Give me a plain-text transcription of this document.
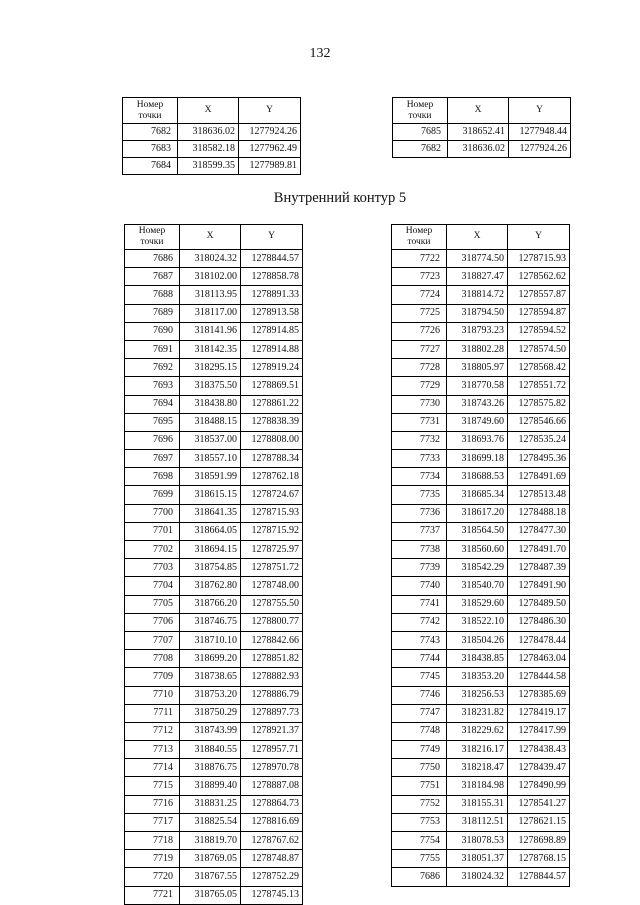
132
Номер
точки	X	Y
7682	318636.02	1277924.26
7683	318582.18	1277962.49
7684	318599.35	1277989.81
Номер
точки	X	Y
7685	318652.41	1277948.44
7682	318636.02	1277924.26
Внутренний контур 5
Номер
точки	X	Y
7686	318024.32	1278844.57
7687	318102.00	1278858.78
7688	318113.95	1278891.33
7689	318117.00	1278913.58
7690	318141.96	1278914.85
7691	318142.35	1278914.88
7692	318295.15	1278919.24
7693	318375.50	1278869.51
7694	318438.80	1278861.22
7695	318488.15	1278838.39
7696	318537.00	1278808.00
7697	318557.10	1278788.34
7698	318591.99	1278762.18
7699	318615.15	1278724.67
7700	318641.35	1278715.93
7701	318664.05	1278715.92
7702	318694.15	1278725.97
7703	318754.85	1278751.72
7704	318762.80	1278748.00
7705	318766.20	1278755.50
7706	318746.75	1278800.77
7707	318710.10	1278842.66
7708	318699.20	1278851.82
7709	318738.65	1278882.93
7710	318753.20	1278886.79
7711	318750.29	1278897.73
7712	318743.99	1278921.37
7713	318840.55	1278957.71
7714	318876.75	1278970.78
7715	318899.40	1278887.08
7716	318831.25	1278864.73
7717	318825.54	1278816.69
7718	318819.70	1278767.62
7719	318769.05	1278748.87
7720	318767.55	1278752.29
7721	318765.05	1278745.13
Номер
точки	X	Y
7722	318774.50	1278715.93
7723	318827.47	1278562.62
7724	318814.72	1278557.87
7725	318794.50	1278594.87
7726	318793.23	1278594.52
7727	318802.28	1278574.50
7728	318805.97	1278568.42
7729	318770.58	1278551.72
7730	318743.26	1278575.82
7731	318749.60	1278546.66
7732	318693.76	1278535.24
7733	318699.18	1278495.36
7734	318688.53	1278491.69
7735	318685.34	1278513.48
7736	318617.20	1278488.18
7737	318564.50	1278477.30
7738	318560.60	1278491.70
7739	318542.29	1278487.39
7740	318540.70	1278491.90
7741	318529.60	1278489.50
7742	318522.10	1278486.30
7743	318504.26	1278478.44
7744	318438.85	1278463.04
7745	318353.20	1278444.58
7746	318256.53	1278385.69
7747	318231.82	1278419.17
7748	318229.62	1278417.99
7749	318216.17	1278438.43
7750	318218.47	1278439.47
7751	318184.98	1278490.99
7752	318155.31	1278541.27
7753	318112.51	1278621.15
7754	318078.53	1278698.89
7755	318051.37	1278768.15
7686	318024.32	1278844.57
